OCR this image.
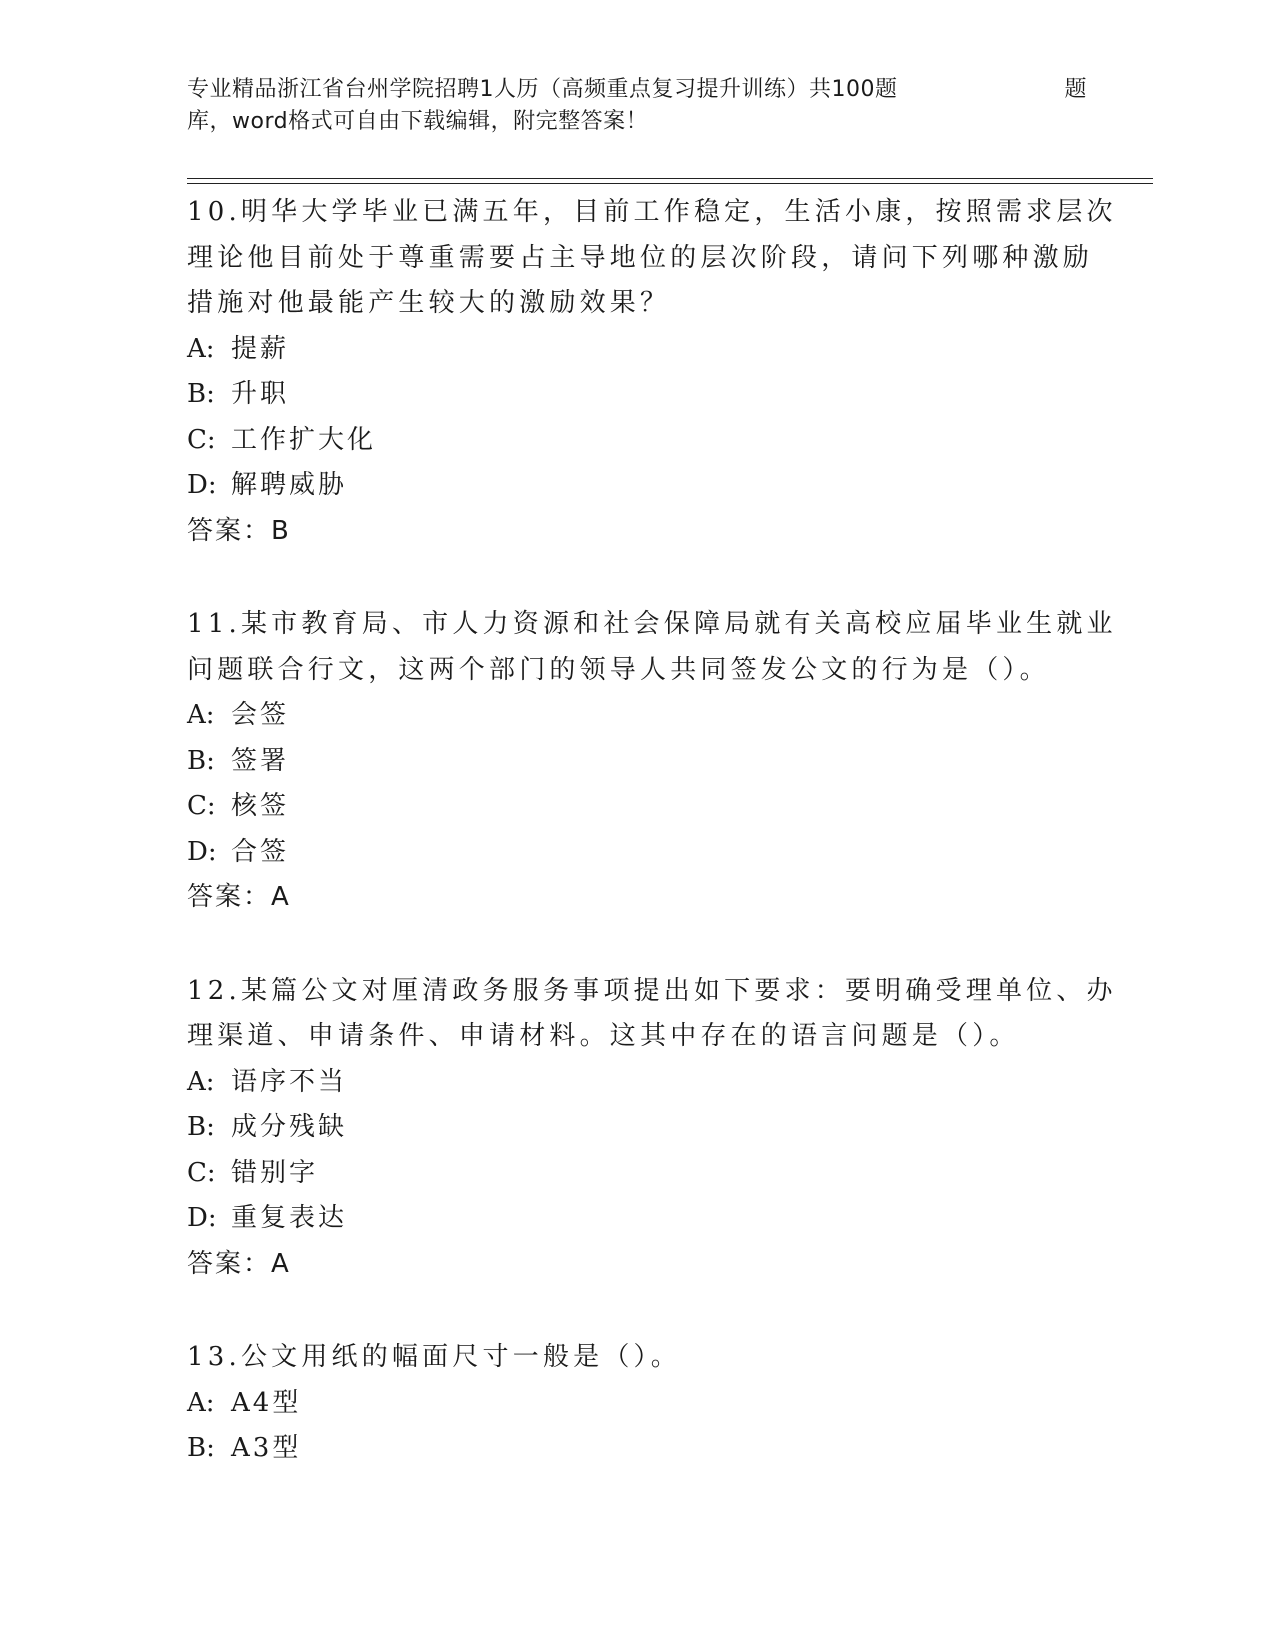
专业精品浙江省台州学院招聘1人历（高频重点复习提升训练）共100题	题
库，word格式可自由下载编辑，附完整答案！
10.明华大学毕业已满五年，目前工作稳定，生活小康，按照需求层次
理论他目前处于尊重需要占主导地位的层次阶段，请问下列哪种激励
措施对他最能产生较大的激励效果？
A: 提薪
B: 升职
C: 工作扩大化
D: 解聘威胁
答案：B
11.某市教育局、市人力资源和社会保障局就有关高校应届毕业生就业
问题联合行文，这两个部门的领导人共同签发公文的行为是（）。
A: 会签
B: 签署
C: 核签
D: 合签
答案：A
12.某篇公文对厘清政务服务事项提出如下要求：要明确受理单位、办
理渠道、申请条件、申请材料。这其中存在的语言问题是（）。
A: 语序不当
B: 成分残缺
C: 错别字
D: 重复表达
答案：A
13.公文用纸的幅面尺寸一般是（）。
A: A4型
B: A3型
